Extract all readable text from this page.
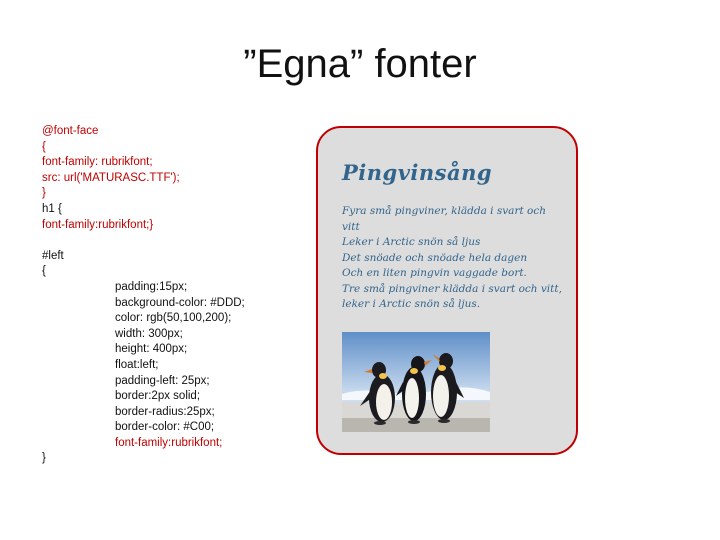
”Egna” fonter
@font-face
{
font-family: rubrikfont;
src: url('MATURASC.TTF');
}
h1 {
font-family:rubrikfont;}
#left
{
padding:15px;
background-color: #DDD;
color: rgb(50,100,200);
width: 300px;
height: 400px;
float:left;
padding-left: 25px;
border:2px solid;
border-radius:25px;
border-color: #C00;
font-family:rubrikfont;
}
Pingvinsång
Fyra små pingviner, klädda i svart och
vitt
Leker i Arctic snön så ljus
Det snöade och snöade hela dagen
Och en liten pingvin vaggade bort.
Tre små pingviner klädda i svart och vitt,
leker i Arctic snön så ljus.
